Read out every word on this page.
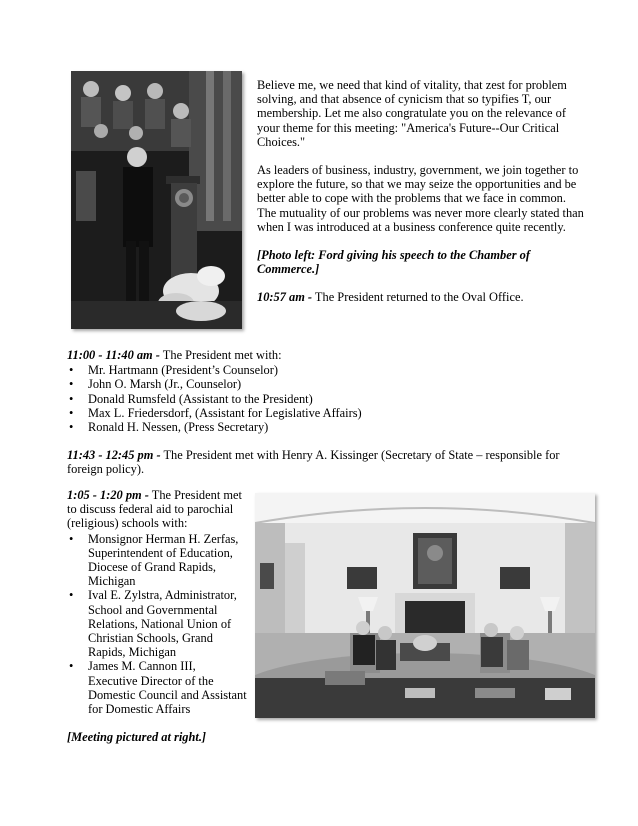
Believe me, we need that kind of vitality, that zest for problem solving, and that absence of cynicism that so typifies T, our membership. Let me also congratulate you on the relevance of your theme for this meeting: "America's Future--Our Critical Choices."

As leaders of business, industry, government, we join together to explore the future, so that we may seize the opportunities and be better able to cope with the problems that we face in common. The mutuality of our problems was never more clearly stated than when I was introduced at a business conference quite recently.

[Photo left: Ford giving his speech to the Chamber of Commerce.]

10:57 am - The President returned to the Oval Office.

11:00 - 11:40 am - The President met with:

• Mr. Hartmann (President’s Counselor)
• John O. Marsh (Jr., Counselor)
• Donald Rumsfeld (Assistant to the President)
• Max L. Friedersdorf, (Assistant for Legislative Affairs)
• Ronald H. Nessen, (Press Secretary)

11:43 - 12:45 pm - The President met with Henry A. Kissinger (Secretary of State – responsible for foreign policy).

1:05 - 1:20 pm - The President met to discuss federal aid to parochial (religious) schools with:

• Monsignor Herman H. Zerfas, Superintendent of Education, Diocese of Grand Rapids, Michigan
• Ival E. Zylstra, Administrator, School and Governmental Relations, National Union of Christian Schools, Grand Rapids, Michigan
• James M. Cannon III, Executive Director of the Domestic Council and Assistant for Domestic Affairs

[Meeting pictured at right.]
